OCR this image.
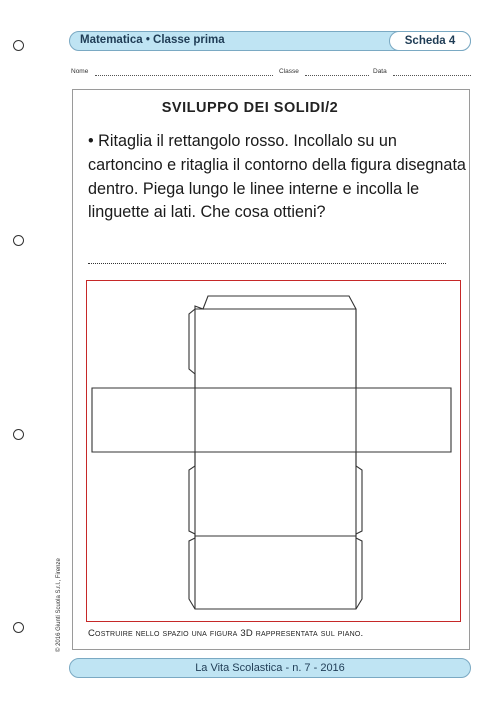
Matematica • Classe prima	Scheda 4
Nome	Classe	Data
SVILUPPO DEI SOLIDI/2
• Ritaglia il rettangolo rosso. Incollalo su un cartoncino e ritaglia il contorno della figura disegnata dentro. Piega lungo le linee interne e incolla le linguette ai lati. Che cosa ottieni?
Costruire nello spazio una figura 3D rappresentata sul piano.
© 2016 Giunti Scuola S.r.l., Firenze
La Vita Scolastica - n. 7 - 2016
